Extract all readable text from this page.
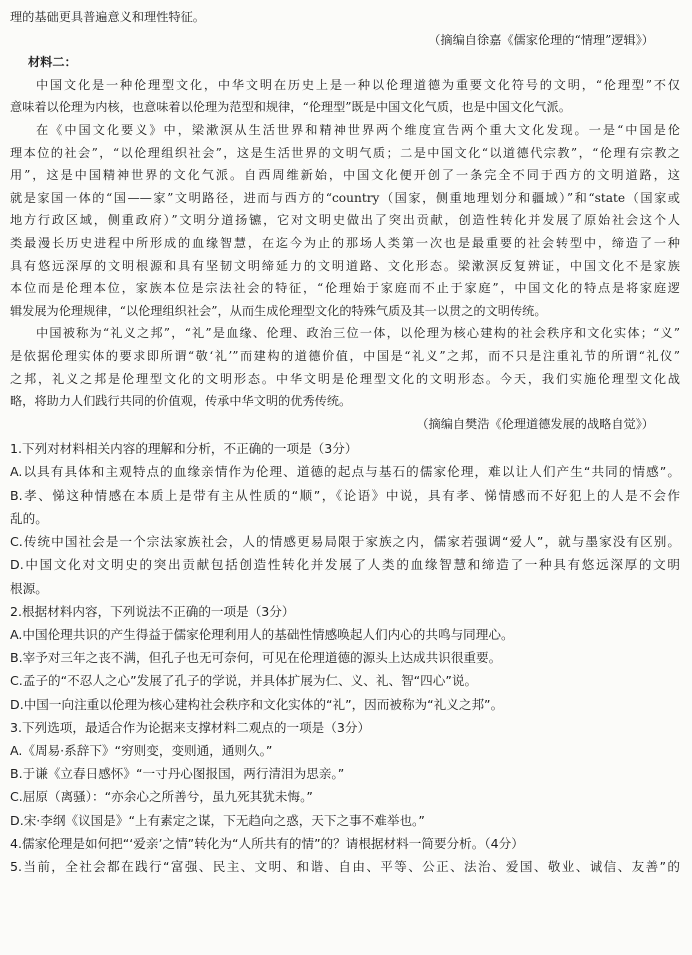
理的基础更具普遍意义和理性特征。
（摘编自徐嘉《儒家伦理的“情理”逻辑》）
材料二：
中国文化是一种伦理型文化，中华文明在历史上是一种以伦理道德为重要文化符号的文明，“伦理型”不仅
意味着以伦理为内核，也意味着以伦理为范型和规律，“伦理型”既是中国文化气质，也是中国文化气派。
在《中国文化要义》中，梁漱溟从生活世界和精神世界两个维度宣告两个重大文化发现。一是“中国是伦
理本位的社会”，“以伦理组织社会”，这是生活世界的文明气质；二是中国文化“以道德代宗教”，“伦理有宗教之
用”，这是中国精神世界的文化气派。自西周维新始，中国文化便开创了一条完全不同于西方的文明道路，这
就是家国一体的“国——家”文明路径，进而与西方的“country（国家，侧重地理划分和疆域）”和“state（国家或
地方行政区域，侧重政府）”文明分道扬镳，它对文明史做出了突出贡献，创造性转化并发展了原始社会这个人
类最漫长历史进程中所形成的血缘智慧，在迄今为止的那场人类第一次也是最重要的社会转型中，缔造了一种
具有悠远深厚的文明根源和具有坚韧文明缔延力的文明道路、文化形态。梁漱溟反复辨证，中国文化不是家族
本位而是伦理本位，家族本位是宗法社会的特征，“伦理始于家庭而不止于家庭”，中国文化的特点是将家庭逻
辑发展为伦理规律，“以伦理组织社会”，从而生成伦理型文化的特殊气质及其一以贯之的文明传统。
中国被称为“礼义之邦”，“礼”是血缘、伦理、政治三位一体，以伦理为核心建构的社会秩序和文化实体；“义”
是依据伦理实体的要求即所谓“敬‘礼’”而建构的道德价值，中国是“礼义”之邦，而不只是注重礼节的所谓“礼仪”
之邦，礼义之邦是伦理型文化的文明形态。中华文明是伦理型文化的文明形态。今天，我们实施伦理型文化战
略，将助力人们践行共同的价值观，传承中华文明的优秀传统。
（摘编自樊浩《伦理道德发展的战略自觉》）
1.下列对材料相关内容的理解和分析，不正确的一项是（3分）
A.以具有具体和主观特点的血缘亲情作为伦理、道德的起点与基石的儒家伦理，难以让人们产生“共同的情感”。
B.孝、悌这种情感在本质上是带有主从性质的“顺”，《论语》中说，具有孝、悌情感而不好犯上的人是不会作
乱的。
C.传统中国社会是一个宗法家族社会，人的情感更易局限于家族之内，儒家若强调“爱人”，就与墨家没有区别。
D.中国文化对文明史的突出贡献包括创造性转化并发展了人类的血缘智慧和缔造了一种具有悠远深厚的文明
根源。
2.根据材料内容，下列说法不正确的一项是（3分）
A.中国伦理共识的产生得益于儒家伦理利用人的基础性情感唤起人们内心的共鸣与同理心。
B.宰予对三年之丧不满，但孔子也无可奈何，可见在伦理道德的源头上达成共识很重要。
C.孟子的“不忍人之心”发展了孔子的学说，并具体扩展为仁、义、礼、智“四心”说。
D.中国一向注重以伦理为核心建构社会秩序和文化实体的“礼”，因而被称为“礼义之邦”。
3.下列选项，最适合作为论据来支撑材料二观点的一项是（3分）
A.《周易·系辞下》“穷则变，变则通，通则久。”
B.于谦《立春日感怀》“一寸丹心图报国，两行清泪为思亲。”
C.屈原（离骚）：“亦余心之所善兮，虽九死其犹未悔。”
D.宋·李纲《议国是》“上有素定之谋，下无趋向之惑，天下之事不难举也。”
4.儒家伦理是如何把“‘爱亲’之情”转化为“人所共有的情”的？请根据材料一简要分析。（4分）
5.当前，全社会都在践行“富强、民主、文明、和谐、自由、平等、公正、法治、爱国、敬业、诚信、友善”的
